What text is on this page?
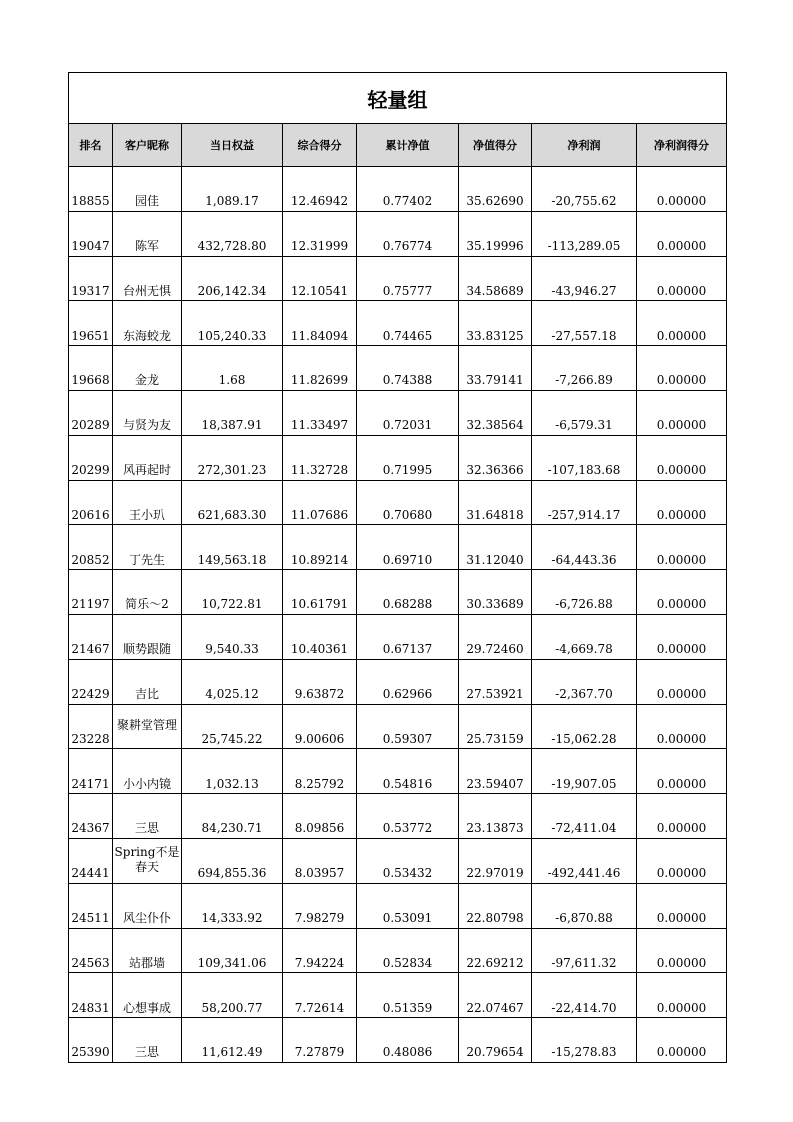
轻量组							
排名	客户昵称	当日权益	综合得分	累计净值	净值得分	净利润	净利润得分
18855	园佳	1,089.17	12.46942	0.77402	35.62690	-20,755.62	0.00000
19047	陈军	432,728.80	12.31999	0.76774	35.19996	-113,289.05	0.00000
19317	台州无惧	206,142.34	12.10541	0.75777	34.58689	-43,946.27	0.00000
19651	东海蛟龙	105,240.33	11.84094	0.74465	33.83125	-27,557.18	0.00000
19668	金龙	1.68	11.82699	0.74388	33.79141	-7,266.89	0.00000
20289	与贤为友	18,387.91	11.33497	0.72031	32.38564	-6,579.31	0.00000
20299	风再起时	272,301.23	11.32728	0.71995	32.36366	-107,183.68	0.00000
20616	王小玐	621,683.30	11.07686	0.70680	31.64818	-257,914.17	0.00000
20852	丁先生	149,563.18	10.89214	0.69710	31.12040	-64,443.36	0.00000
21197	简乐～2	10,722.81	10.61791	0.68288	30.33689	-6,726.88	0.00000
21467	顺势跟随	9,540.33	10.40361	0.67137	29.72460	-4,669.78	0.00000
22429	吉比	4,025.12	9.63872	0.62966	27.53921	-2,367.70	0.00000
23228	聚耕堂管理	25,745.22	9.00606	0.59307	25.73159	-15,062.28	0.00000
24171	小小内镜	1,032.13	8.25792	0.54816	23.59407	-19,907.05	0.00000
24367	三思	84,230.71	8.09856	0.53772	23.13873	-72,411.04	0.00000
24441	Spring不是春天	694,855.36	8.03957	0.53432	22.97019	-492,441.46	0.00000
24511	风尘仆仆	14,333.92	7.98279	0.53091	22.80798	-6,870.88	0.00000
24563	站郡墙	109,341.06	7.94224	0.52834	22.69212	-97,611.32	0.00000
24831	心想事成	58,200.77	7.72614	0.51359	22.07467	-22,414.70	0.00000
25390	三思	11,612.49	7.27879	0.48086	20.79654	-15,278.83	0.00000
